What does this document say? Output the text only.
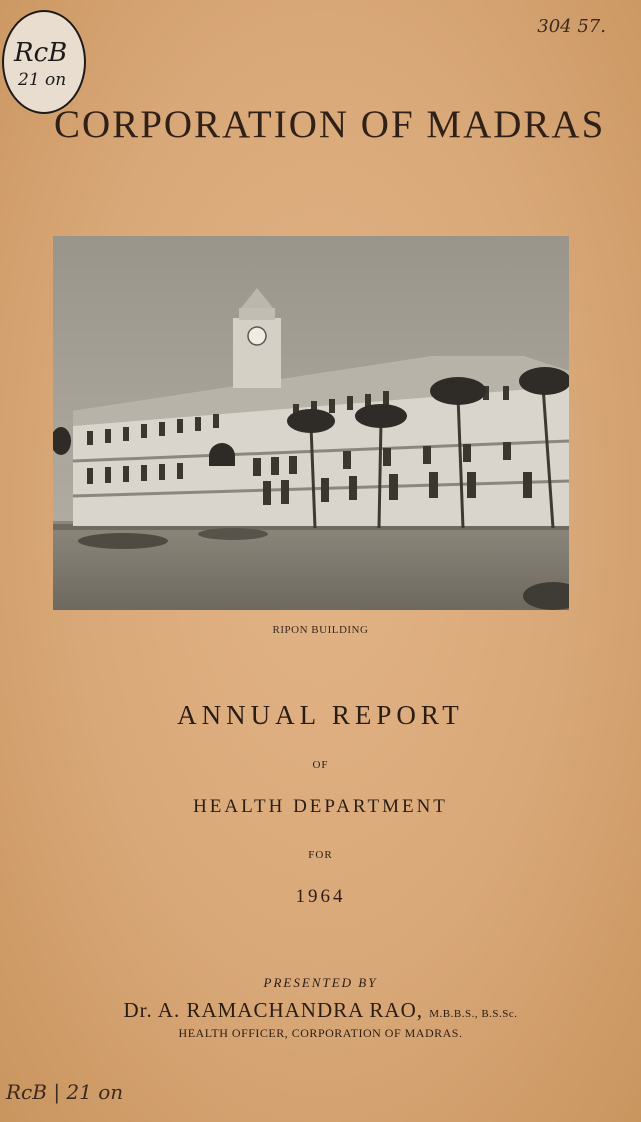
RcB
21 on
304 57.
CORPORATION OF MADRAS
RIPON BUILDING
ANNUAL REPORT
OF
HEALTH DEPARTMENT
FOR
1964
PRESENTED BY
Dr. A. RAMACHANDRA RAO, M.B.B.S., B.S.Sc.
HEALTH OFFICER, CORPORATION OF MADRAS.
RcB | 21 on
